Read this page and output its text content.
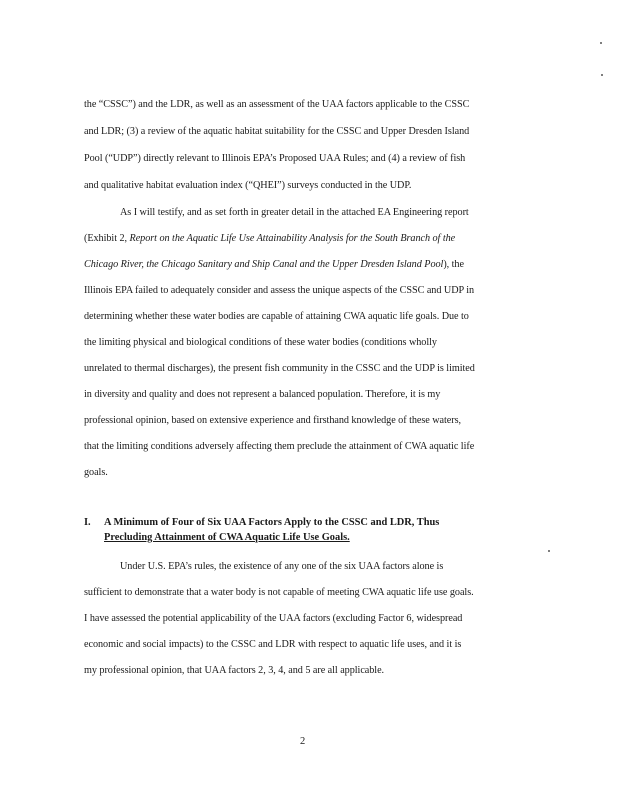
the “CSSC”) and the LDR, as well as an assessment of the UAA factors applicable to the CSSC
and LDR; (3) a review of the aquatic habitat suitability for the CSSC and Upper Dresden Island
Pool (“UDP”) directly relevant to Illinois EPA’s Proposed UAA Rules; and (4) a review of fish
and qualitative habitat evaluation index (“QHEI”) surveys conducted in the UDP.
As I will testify, and as set forth in greater detail in the attached EA Engineering report
(Exhibit 2, Report on the Aquatic Life Use Attainability Analysis for the South Branch of the
Chicago River, the Chicago Sanitary and Ship Canal and the Upper Dresden Island Pool), the
Illinois EPA failed to adequately consider and assess the unique aspects of the CSSC and UDP in
determining whether these water bodies are capable of attaining CWA aquatic life goals. Due to
the limiting physical and biological conditions of these water bodies (conditions wholly
unrelated to thermal discharges), the present fish community in the CSSC and the UDP is limited
in diversity and quality and does not represent a balanced population. Therefore, it is my
professional opinion, based on extensive experience and firsthand knowledge of these waters,
that the limiting conditions adversely affecting them preclude the attainment of CWA aquatic life
goals.
I. A Minimum of Four of Six UAA Factors Apply to the CSSC and LDR, Thus
Precluding Attainment of CWA Aquatic Life Use Goals.
Under U.S. EPA’s rules, the existence of any one of the six UAA factors alone is
sufficient to demonstrate that a water body is not capable of meeting CWA aquatic life use goals.
I have assessed the potential applicability of the UAA factors (excluding Factor 6, widespread
economic and social impacts) to the CSSC and LDR with respect to aquatic life uses, and it is
my professional opinion, that UAA factors 2, 3, 4, and 5 are all applicable.
2
